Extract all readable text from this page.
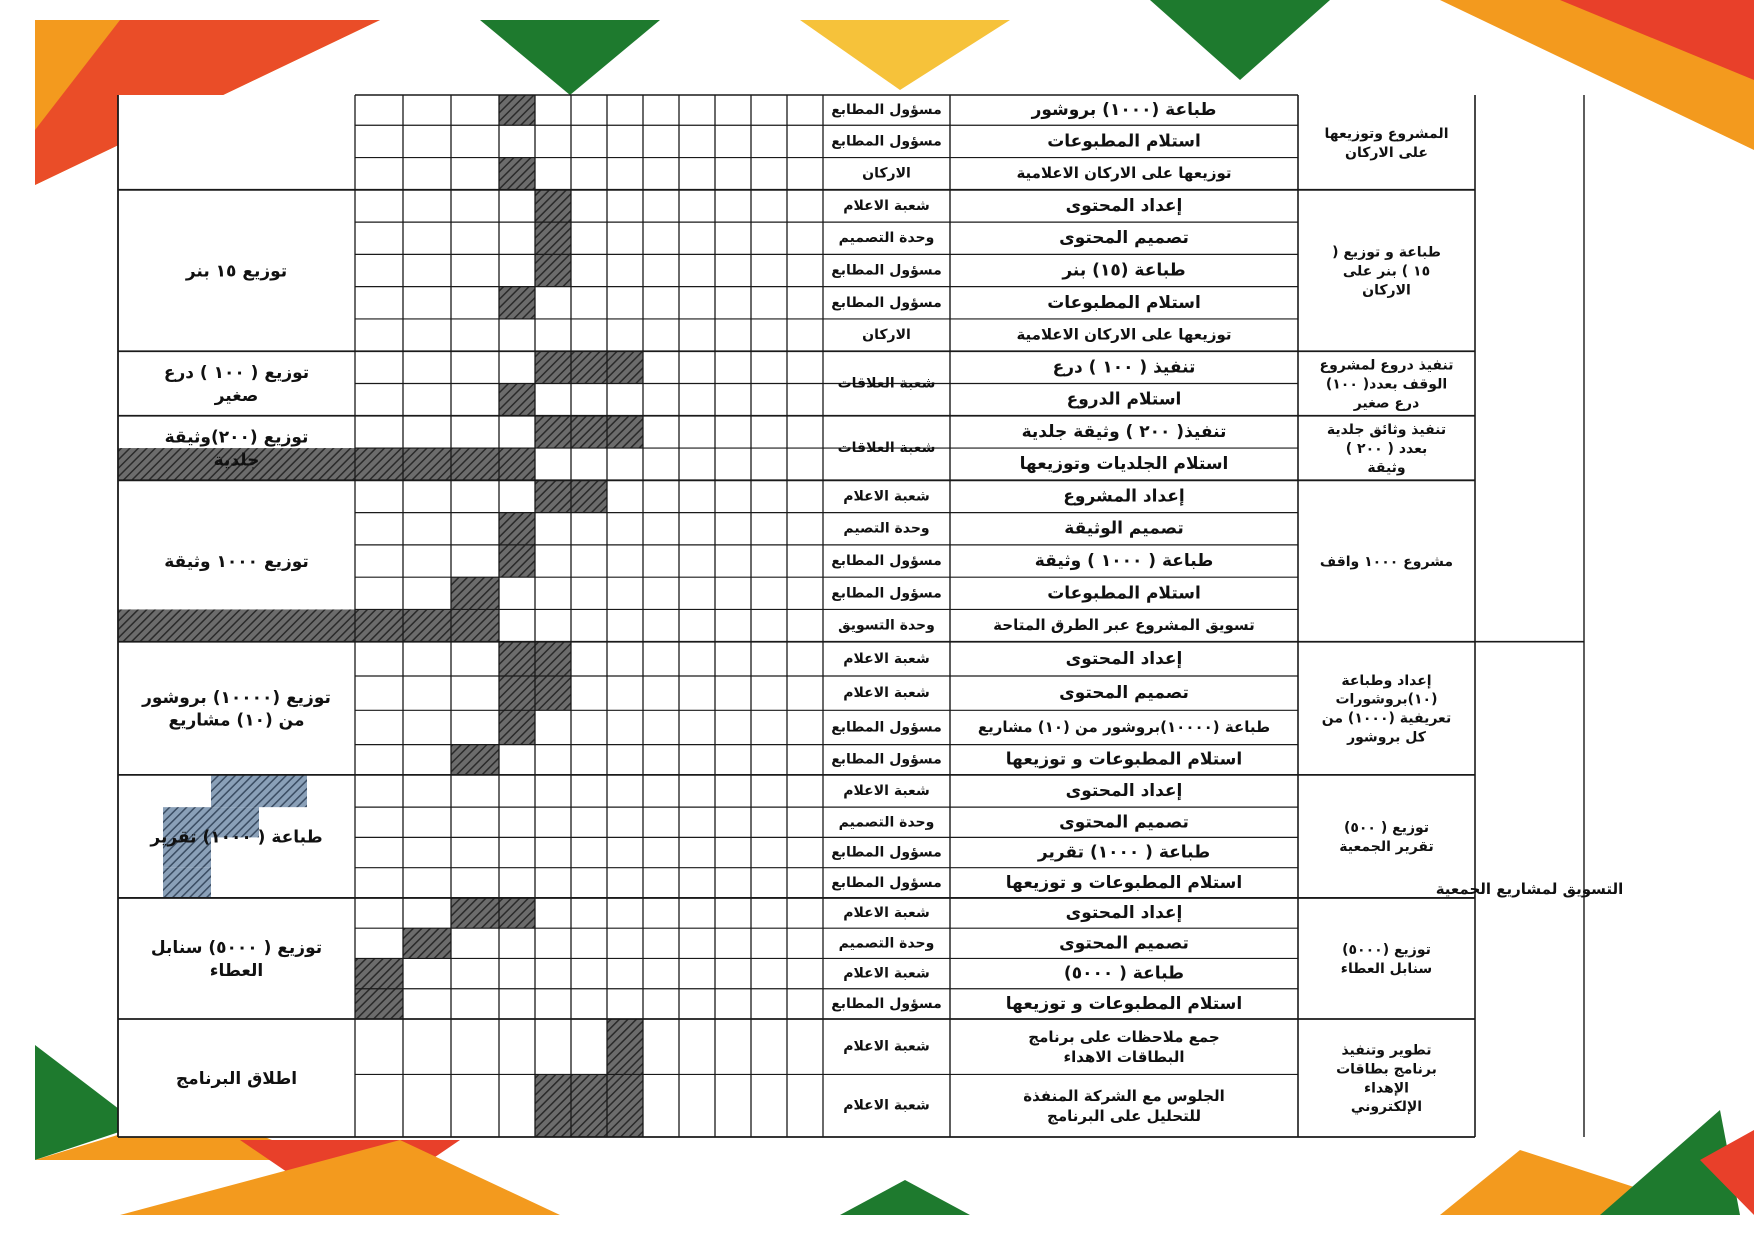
المشروع وتوزيعها على الاركان
طباعة (١٠٠٠) بروشور
مسؤول المطابع
استلام المطبوعات
مسؤول المطابع
توزيعها على الاركان الاعلامية
الاركان
طباعة و توزيع ( ١٥ ) بنر على الاركان
توزيع ١٥ بنر
إعداد المحتوى
شعبة الاعلام
تصميم المحتوى
وحدة التصميم
طباعة (١٥) بنر
مسؤول المطابع
استلام المطبوعات
مسؤول المطابع
توزيعها على الاركان الاعلامية
الاركان
تنفيذ دروع لمشروع الوقف بعدد( ١٠٠) درع صغير
توزيع ( ١٠٠ ) درع صغير
تنفيذ ( ١٠٠ ) درع
شعبة العلاقات
استلام الدروع
تنفيذ وثائق جلدية بعدد ( ٢٠٠ ) وثيقة
توزيع (٢٠٠)وثيقة جلدية
تنفيذ( ٢٠٠ ) وثيقة جلدية
شعبة العلاقات
استلام الجلديات وتوزيعها
مشروع ١٠٠٠ واقف
توزيع ١٠٠٠ وثيقة
إعداد المشروع
شعبة الاعلام
تصميم الوثيقة
وحدة التصيم
طباعة ( ١٠٠٠ ) وثيقة
مسؤول المطابع
استلام المطبوعات
مسؤول المطابع
تسويق المشروع عبر الطرق المتاحة
وحدة التسويق
إعداد وطباعة (١٠)بروشورات تعريفية (١٠٠٠) من كل بروشور
توزيع (١٠٠٠٠) بروشور من (١٠) مشاريع
إعداد المحتوى
شعبة الاعلام
تصميم المحتوى
شعبة الاعلام
طباعة (١٠٠٠٠)بروشور من (١٠) مشاريع
مسؤول المطابع
استلام المطبوعات و توزيعها
مسؤول المطابع
توزيع ( ٥٠٠) تقرير الجمعية
طباعة ( ١٠٠٠) تقرير
إعداد المحتوى
شعبة الاعلام
تصميم المحتوى
وحدة التصميم
طباعة ( ١٠٠٠) تقرير
مسؤول المطابع
استلام المطبوعات و توزيعها
مسؤول المطابع
توزيع (٥٠٠٠) سنابل العطاء
توزيع ( ٥٠٠٠) سنابل العطاء
إعداد المحتوى
شعبة الاعلام
تصميم المحتوى
وحدة التصميم
طباعة ( ٥٠٠٠)
شعبة الاعلام
استلام المطبوعات و توزيعها
مسؤول المطابع
تطوير وتنفيذ برنامج بطاقات الإهداء الإلكتروني
اطلاق البرنامج
جمع ملاحظات على برنامج البطاقات الاهداء
شعبة الاعلام
الجلوس مع الشركة المنفذة للتحليل على البرنامج
شعبة الاعلام
التسويق لمشاريع الجمعية
